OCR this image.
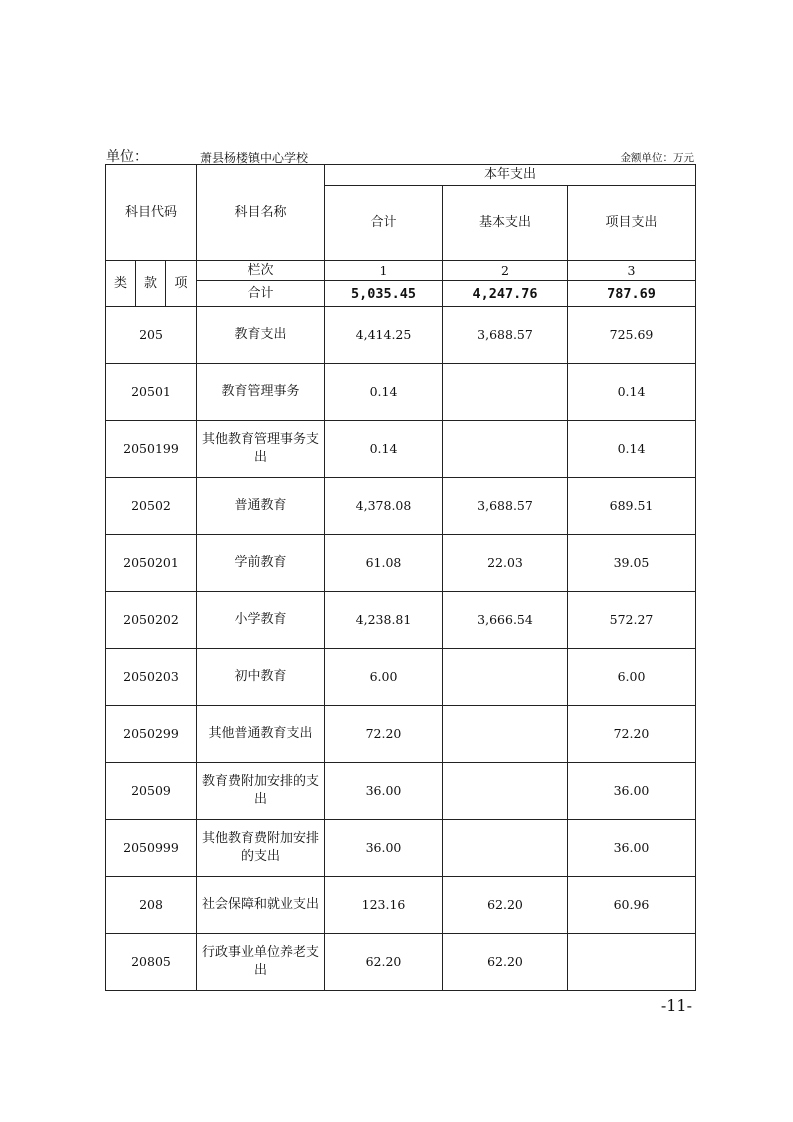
单位：	萧县杨楼镇中心学校	金额单位：万元
科目代码			科目名称	本年支出		
				合计	基本支出	项目支出
类	款	项	栏次	1	2	3
			合计	5,035.45	4,247.76	787.69
205			教育支出	4,414.25	3,688.57	725.69
20501			教育管理事务	0.14		0.14
2050199			其他教育管理事务支出	0.14		0.14
20502			普通教育	4,378.08	3,688.57	689.51
2050201			学前教育	61.08	22.03	39.05
2050202			小学教育	4,238.81	3,666.54	572.27
2050203			初中教育	6.00		6.00
2050299			其他普通教育支出	72.20		72.20
20509			教育费附加安排的支出	36.00		36.00
2050999			其他教育费附加安排的支出	36.00		36.00
208			社会保障和就业支出	123.16	62.20	60.96
20805			行政事业单位养老支出	62.20	62.20	
-11-
